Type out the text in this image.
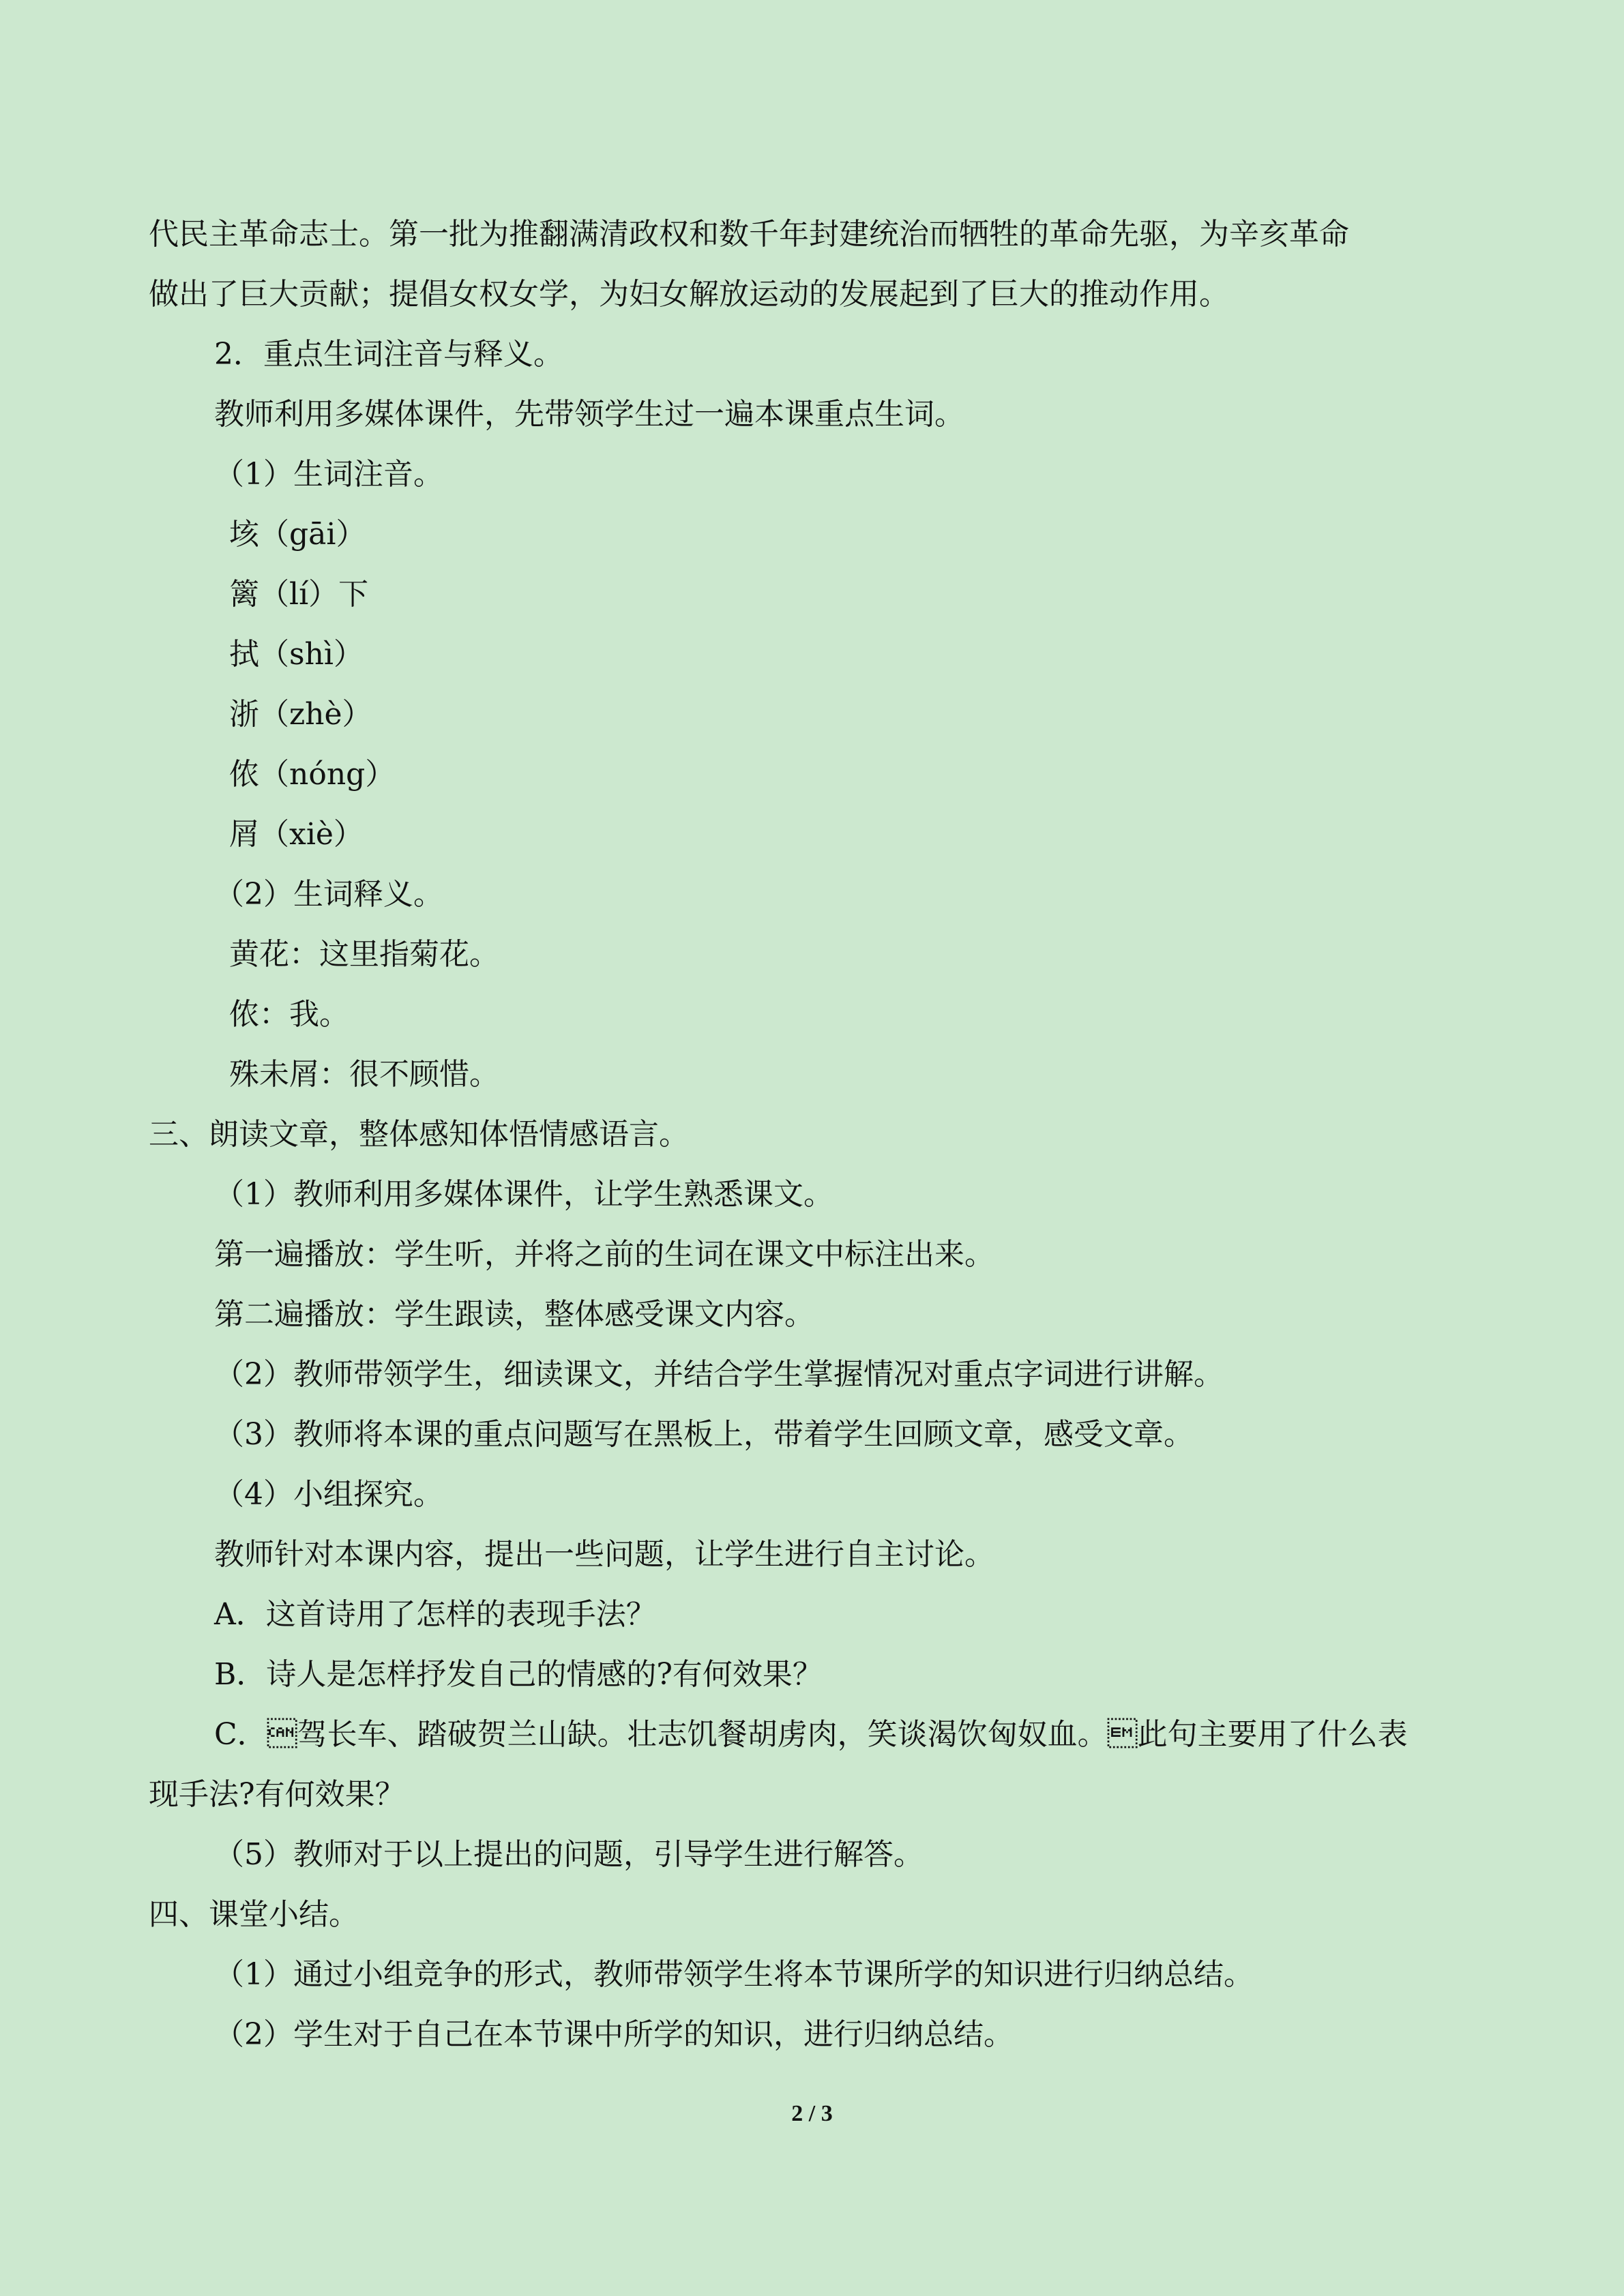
代民主革命志士。第一批为推翻满清政权和数千年封建统治而牺牲的革命先驱，为辛亥革命

做出了巨大贡献；提倡女权女学，为妇女解放运动的发展起到了巨大的推动作用。

2．重点生词注音与释义。

教师利用多媒体课件，先带领学生过一遍本课重点生词。

（1）生词注音。

垓（gāi）

篱（lí）下

拭（shì）

浙（zhè）

侬（nóng）

屑（xiè）

（2）生词释义。

黄花：这里指菊花。

侬：我。

殊未屑：很不顾惜。

三、朗读文章，整体感知体悟情感语言。

（1）教师利用多媒体课件，让学生熟悉课文。

第一遍播放：学生听，并将之前的生词在课文中标注出来。

第二遍播放：学生跟读，整体感受课文内容。

（2）教师带领学生，细读课文，并结合学生掌握情况对重点字词进行讲解。

（3）教师将本课的重点问题写在黑板上，带着学生回顾文章，感受文章。

（4）小组探究。

教师针对本课内容，提出一些问题，让学生进行自主讨论。

A．这首诗用了怎样的表现手法？

B．诗人是怎样抒发自己的情感的?有何效果？

C．驾长车、踏破贺兰山缺。壮志饥餐胡虏肉，笑谈渴饮匈奴血。此句主要用了什么表

现手法?有何效果？

（5）教师对于以上提出的问题，引导学生进行解答。

四、课堂小结。

（1）通过小组竞争的形式，教师带领学生将本节课所学的知识进行归纳总结。

（2）学生对于自己在本节课中所学的知识，进行归纳总结。

2 / 3
